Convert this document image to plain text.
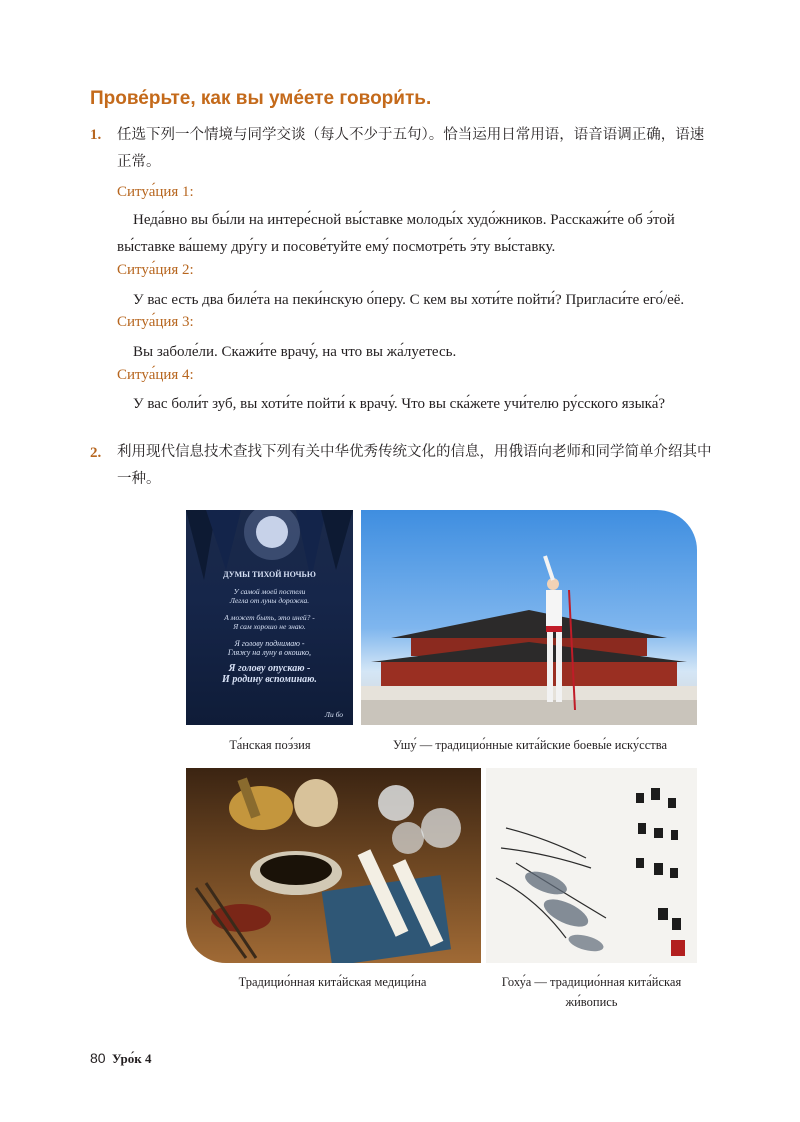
Прове́рьте, как вы уме́ете говори́ть.
1. 任选下列一个情境与同学交谈（每人不少于五句）。恰当运用日常用语，语音语调正确，语速正常。
Ситуа́ция 1:
Неда́вно вы бы́ли на интере́сной вы́ставке молоды́х худо́жников. Расскажи́те об э́той вы́ставке ва́шему дру́гу и посове́туйте ему́ посмотре́ть э́ту вы́ставку.
Ситуа́ция 2:
У вас есть два биле́та на пеки́нскую о́перу. С кем вы хоти́те пойти́? Пригласи́те его́/её.
Ситуа́ция 3:
Вы заболе́ли. Скажи́те врачу́, на что вы жа́луетесь.
Ситуа́ция 4:
У вас боли́т зуб, вы хоти́те пойти́ к врачу́. Что вы ска́жете учи́телю ру́сского языка́?
2. 利用现代信息技术查找下列有关中华优秀传统文化的信息，用俄语向老师和同学简单介绍其中一种。
ДУМЫ ТИХОЙ НОЧЬЮ
У самой моей постели
Легла от луны дорожка.
А может быть, это иней? -
Я сам хорошо не знаю.
Я голову поднимаю -
Гляжу на луну в окошко,
Я голову опускаю -
И родину вспоминаю.
Ли бо
Та́нская поэ́зия	Ушу́ — традицио́нные кита́йские боевы́е иску́сства
Традицио́нная кита́йская медици́на	Гоху́а — традицио́нная кита́йская
жи́вопись
80 Уро́к 4
